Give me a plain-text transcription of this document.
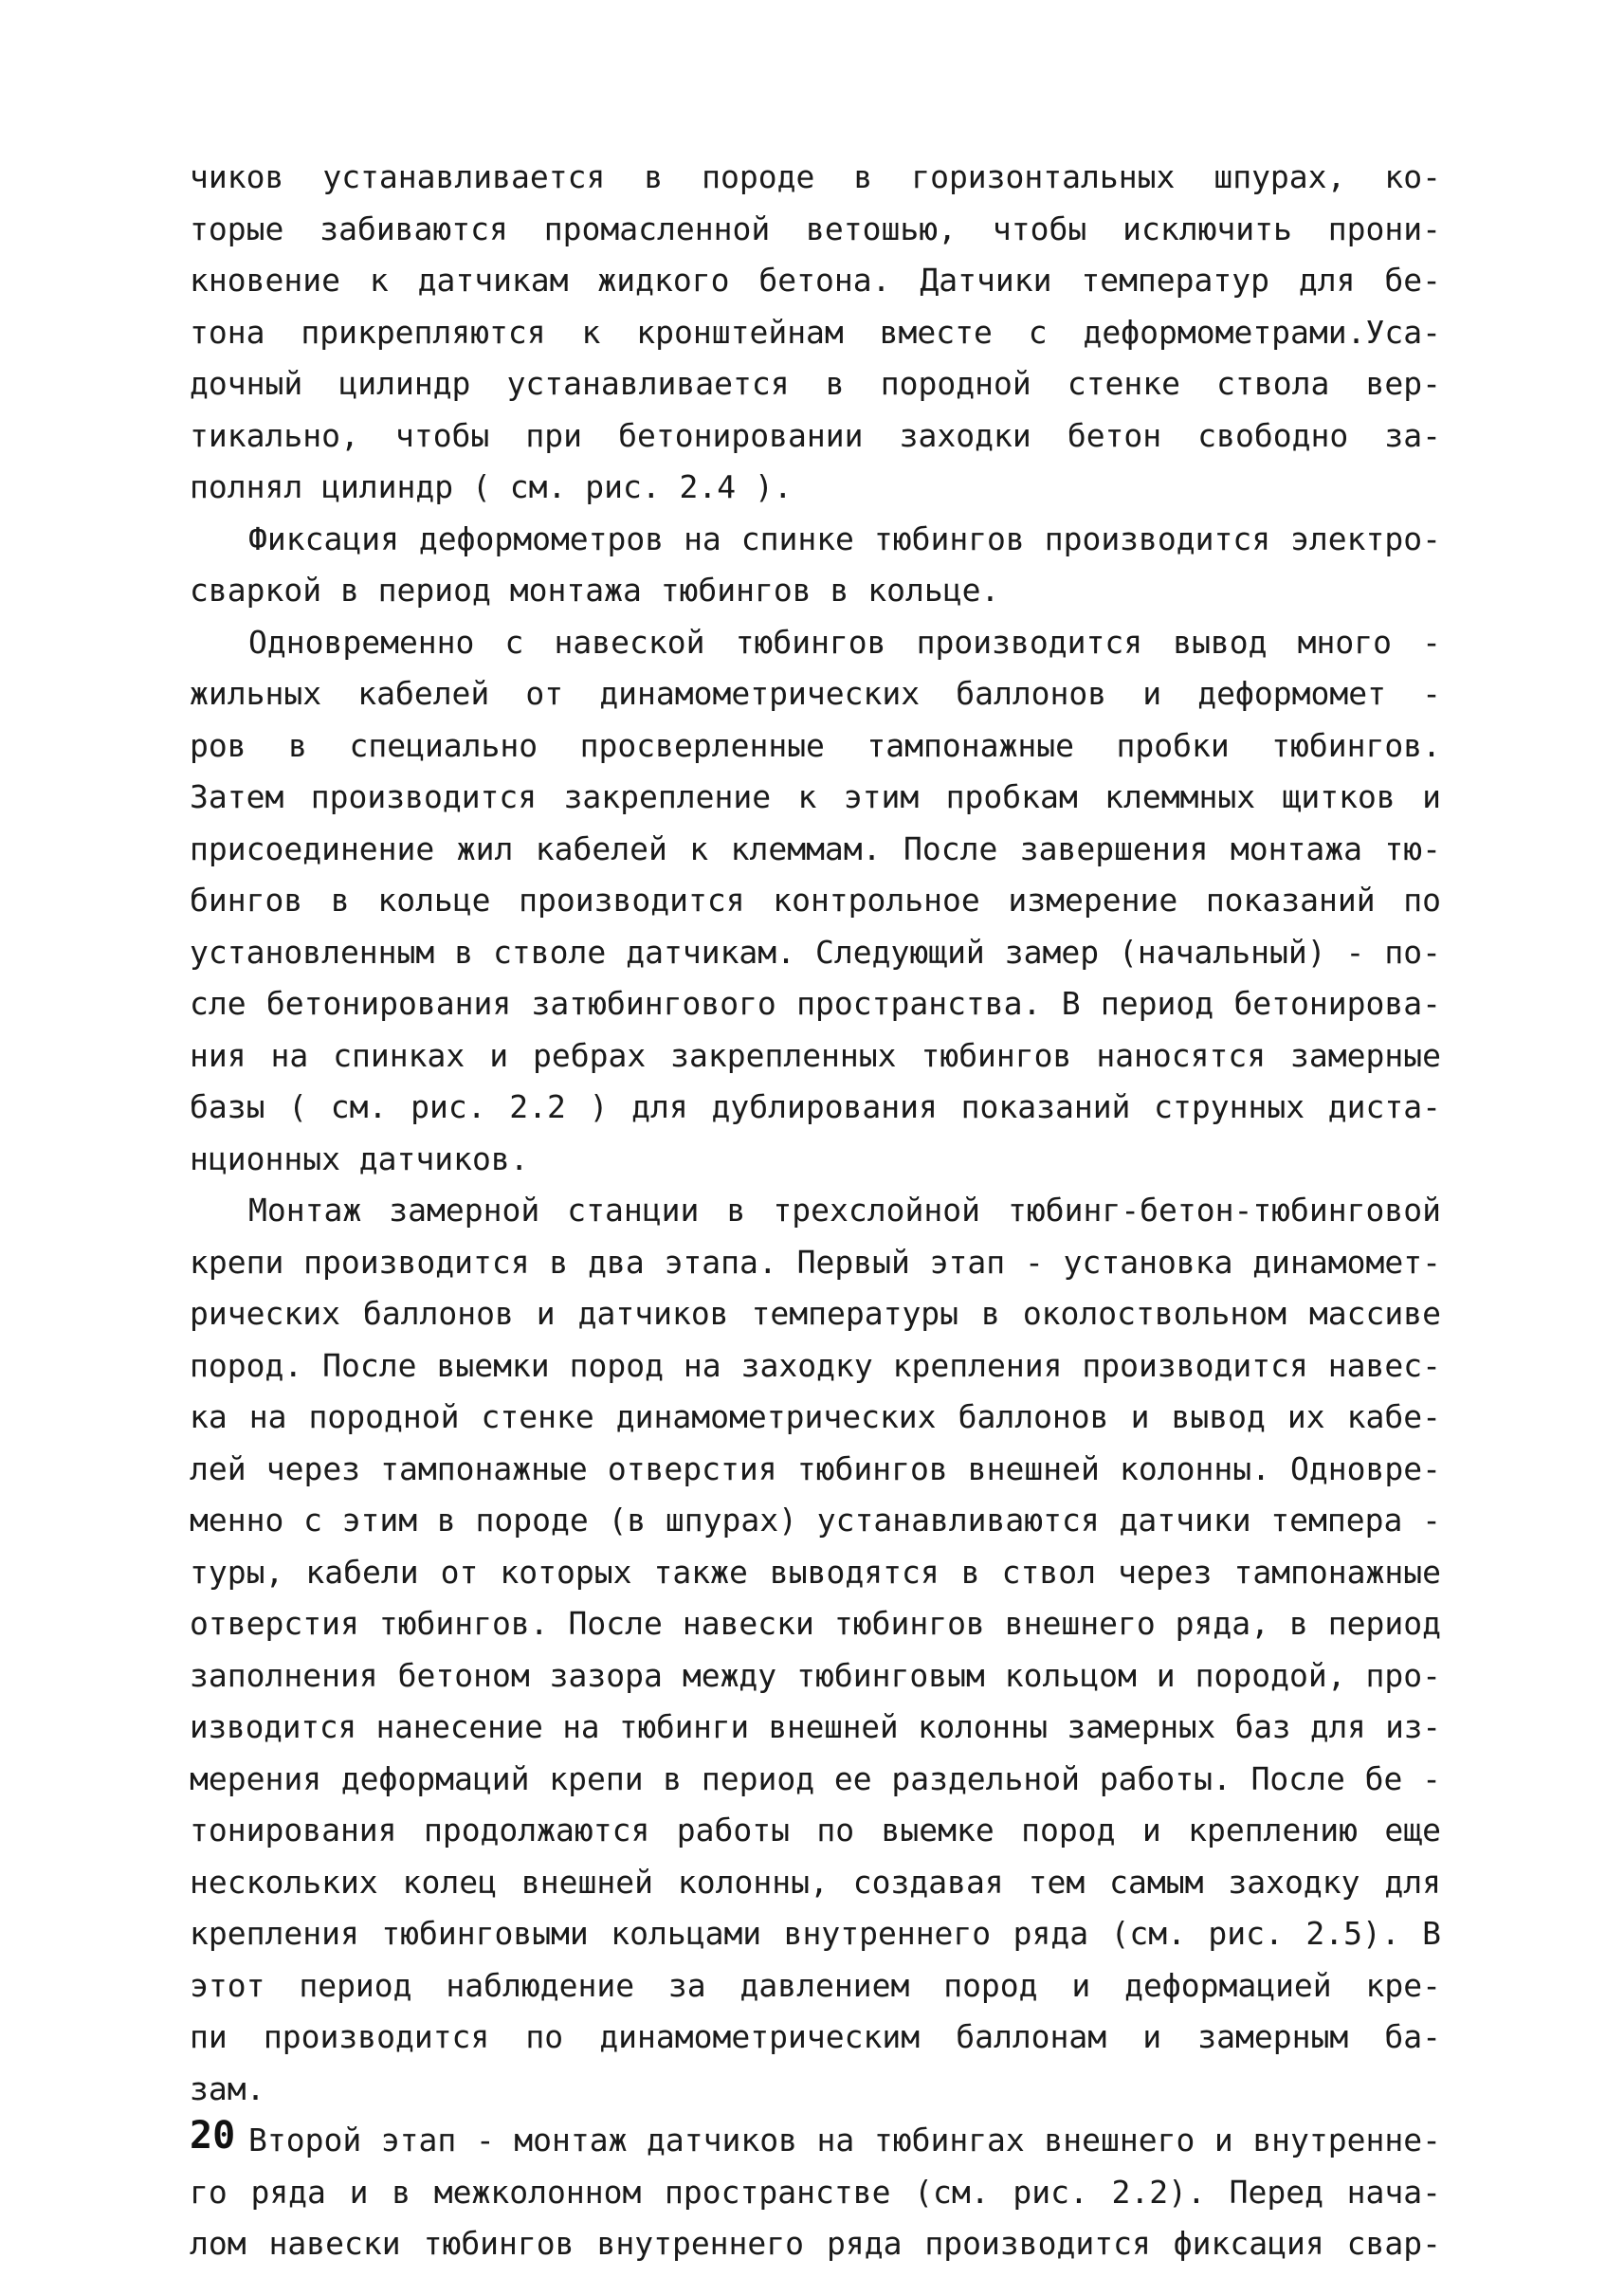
чиков устанавливается в породе в горизонтальных шпурах, ко-
торые забиваются промасленной ветошью, чтобы исключить прони-
кновение к датчикам жидкого бетона. Датчики температур для бе-
тона прикрепляются к кронштейнам вместе с деформометрами.Уса-
дочный цилиндр устанавливается в породной стенке ствола вер-
тикально, чтобы при бетонировании заходки бетон свободно за-
полнял цилиндр ( см. рис. 2.4 ).

Фиксация деформометров на спинке тюбингов производится электро-
сваркой в период монтажа тюбингов в кольце.

Одновременно с навеской тюбингов производится вывод много -
жильных кабелей от динамометрических баллонов и деформомет -
ров в специально просверленные тампонажные пробки тюбингов.
Затем производится закрепление к этим пробкам клеммных щитков и
присоединение жил кабелей к клеммам. После завершения монтажа тю-
бингов в кольце производится контрольное измерение показаний по
установленным в стволе датчикам. Следующий замер (начальный) - по-
сле бетонирования затюбингового пространства. В период бетонирова-
ния на спинках и ребрах закрепленных тюбингов наносятся замерные
базы ( см. рис. 2.2 ) для дублирования показаний струнных диста-
нционных датчиков.

Монтаж замерной станции в трехслойной тюбинг-бетон-тюбинговой
крепи производится в два этапа. Первый этап - установка динамомет-
рических баллонов и датчиков температуры в околоствольном массиве
пород. После выемки пород на заходку крепления производится навес-
ка на породной стенке динамометрических баллонов и вывод их кабе-
лей через тампонажные отверстия тюбингов внешней колонны. Одновре-
менно с этим в породе (в шпурах) устанавливаются датчики темпера -
туры, кабели от которых также выводятся в ствол через тампонажные
отверстия тюбингов. После навески тюбингов внешнего ряда, в период
заполнения бетоном зазора между тюбинговым кольцом и породой, про-
изводится нанесение на тюбинги внешней колонны замерных баз для из-
мерения деформаций крепи в период ее раздельной работы. После бе -
тонирования продолжаются работы по выемке пород и креплению еще
нескольких колец внешней колонны, создавая тем самым заходку для
крепления тюбинговыми кольцами внутреннего ряда (см. рис. 2.5). В
этот период наблюдение за давлением пород и деформацией кре-
пи производится по динамометрическим баллонам и замерным ба-
зам.

Второй этап - монтаж датчиков на тюбингах внешнего и внутренне-
го ряда и в межколонном пространстве (см. рис. 2.2). Перед нача-
лом навески тюбингов внутреннего ряда производится фиксация свар-

20
